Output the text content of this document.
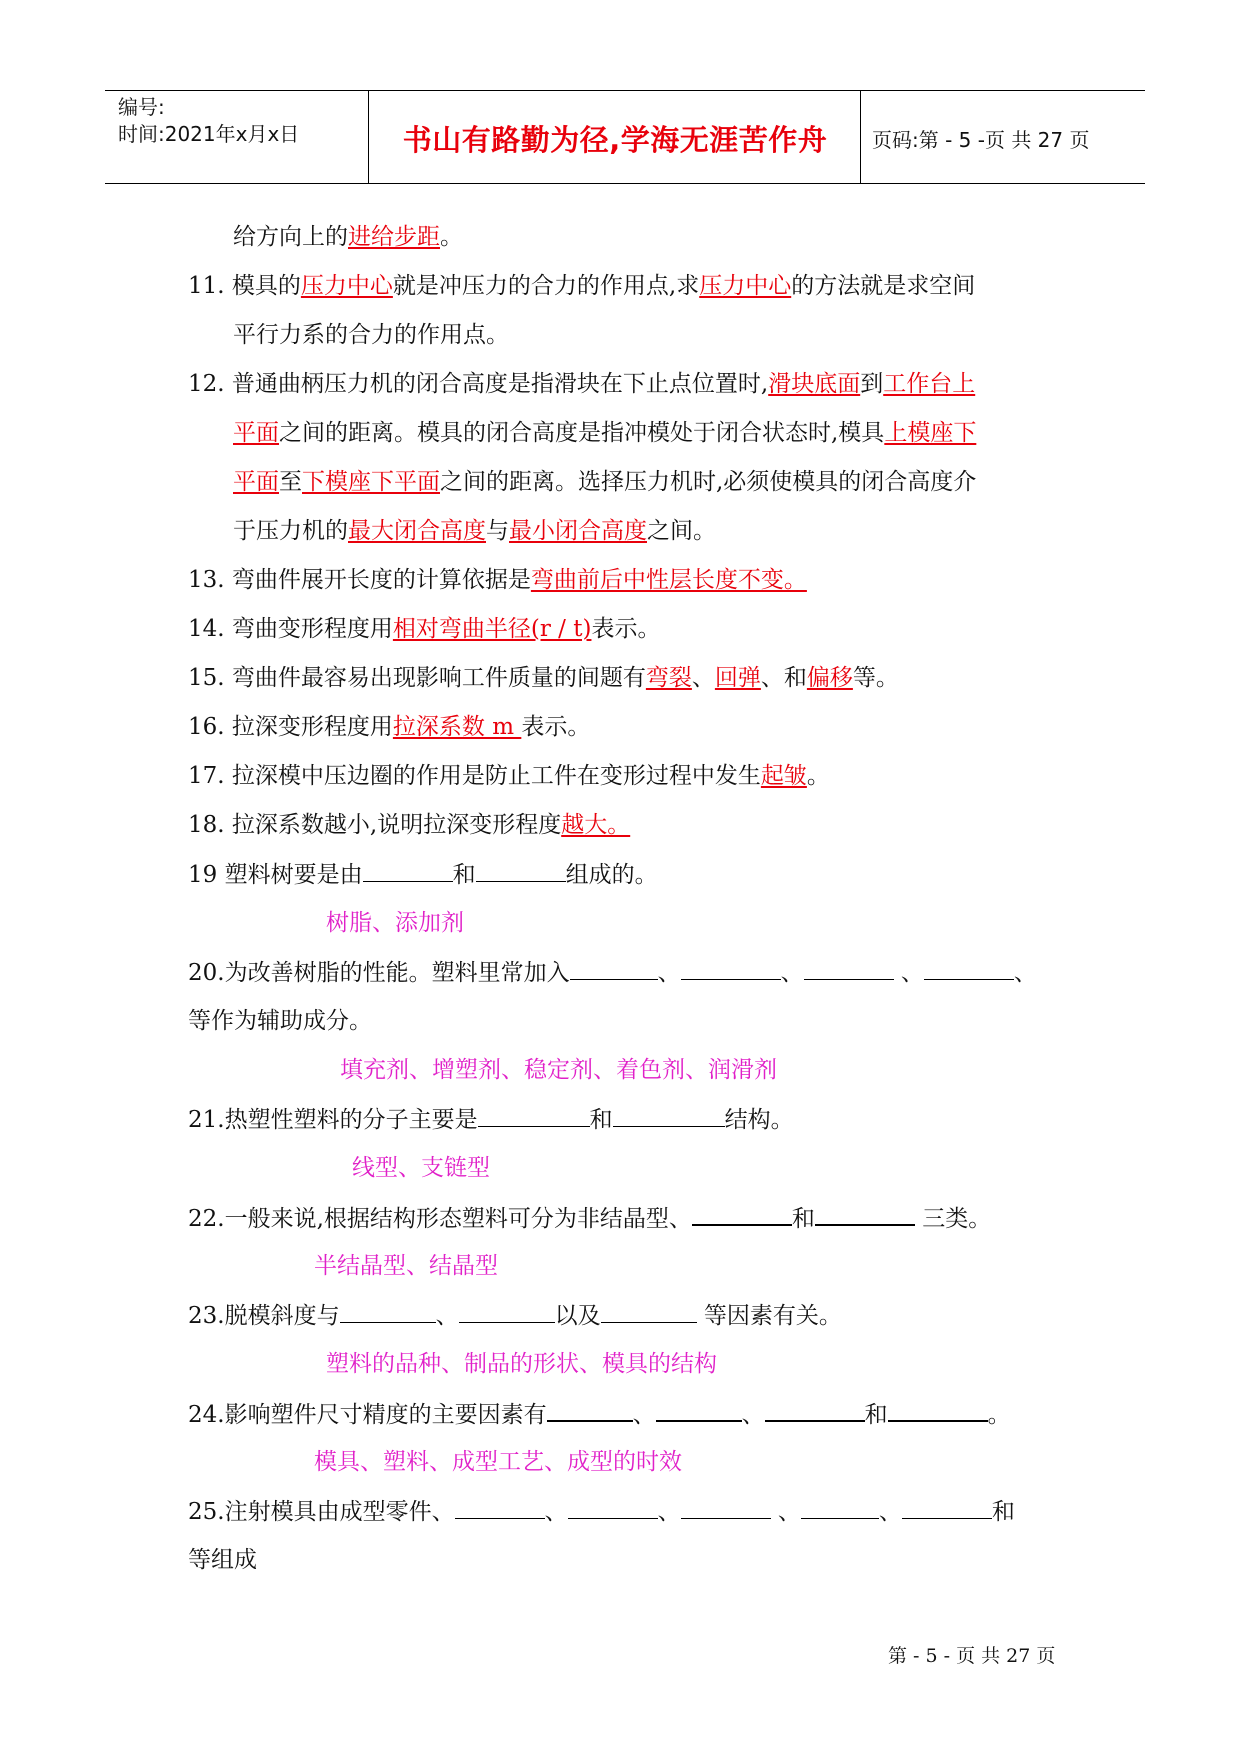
编号:
时间:2021年x月x日	书山有路勤为径,学海无涯苦作舟	页码:第 - 5 -页 共 27 页
给方向上的进给步距。
11. 模具的压力中心就是冲压力的合力的作用点,求压力中心的方法就是求空间
平行力系的合力的作用点。
12. 普通曲柄压力机的闭合高度是指滑块在下止点位置时,滑块底面到工作台上
平面之间的距离。模具的闭合高度是指冲模处于闭合状态时,模具上模座下
平面至下模座下平面之间的距离。选择压力机时,必须使模具的闭合高度介
于压力机的最大闭合高度与最小闭合高度之间。
13. 弯曲件展开长度的计算依据是弯曲前后中性层长度不变。
14. 弯曲变形程度用相对弯曲半径(r / t)表示。
15. 弯曲件最容易出现影响工件质量的间题有弯裂、回弹、和偏移等。
16. 拉深变形程度用拉深系数 m 表示。
17. 拉深模中压边圈的作用是防止工件在变形过程中发生起皱。
18. 拉深系数越小,说明拉深变形程度越大。
19 塑料树要是由	和	组成的。
树脂、添加剂
20.为改善树脂的性能。塑料里常加入	、	、	、	、
等作为辅助成分。
填充剂、增塑剂、稳定剂、着色剂、润滑剂
21.热塑性塑料的分子主要是	和	结构。
线型、支链型
22.一般来说,根据结构形态塑料可分为非结晶型、	和	三类。
半结晶型、结晶型
23.脱模斜度与	、	以及	等因素有关。
塑料的品种、制品的形状、模具的结构
24.影响塑件尺寸精度的主要因素有	、	、	和	。
模具、塑料、成型工艺、成型的时效
25.注射模具由成型零件、	、	、	、	、	和
等组成
第 - 5 - 页 共 27 页
